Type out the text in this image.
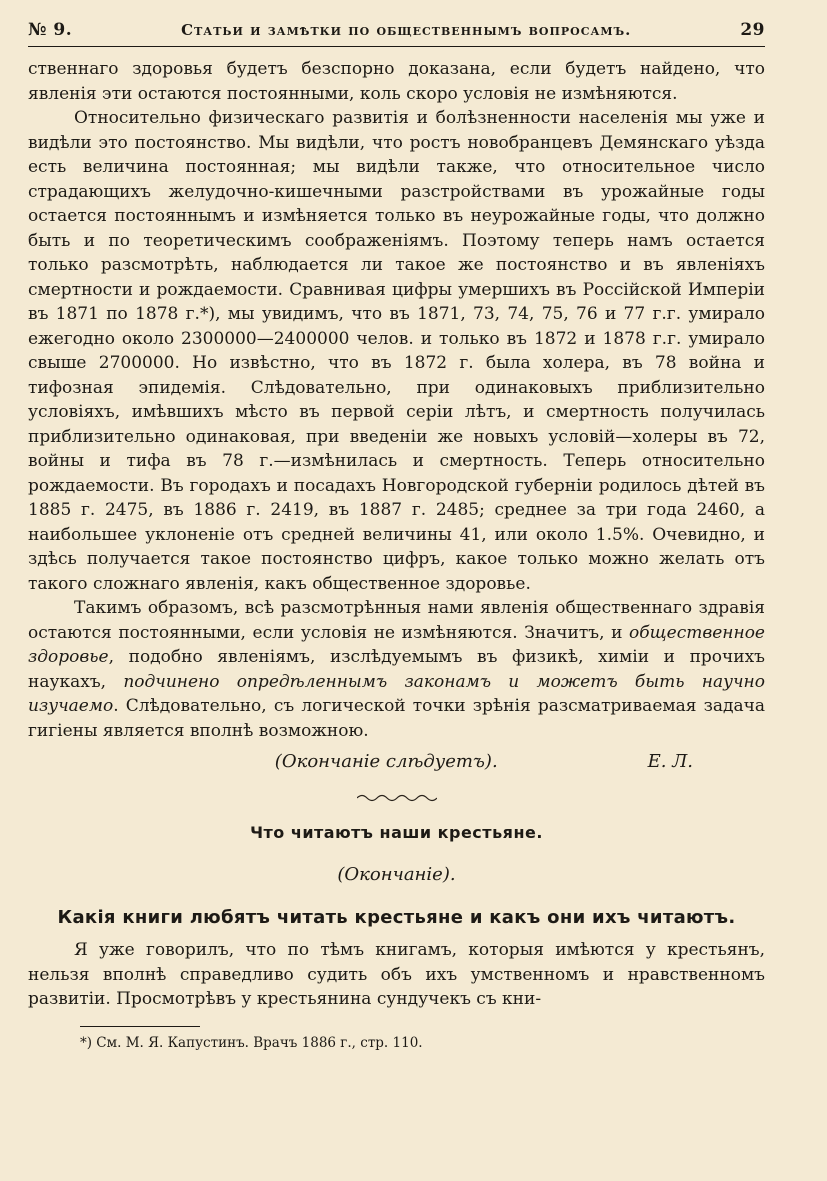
№ 9.	Статьи и замѣтки по общественнымъ вопросамъ.	29

ственнаго здоровья будетъ безспорно доказана, если будетъ найдено, что явленія эти остаются постоянными, коль скоро условія не измѣняются.

Относительно физическаго развитія и болѣзненности населенія мы уже и видѣли это постоянство. Мы видѣли, что ростъ новобранцевъ Демянскаго уѣзда есть величина постоянная; мы видѣли также, что относительное число страдающихъ желудочно-кишечными разстройствами въ урожайные годы остается постояннымъ и измѣняется только въ неурожайные годы, что должно быть и по теоретическимъ соображеніямъ. Поэтому теперь намъ остается только разсмотрѣть, наблюдается ли такое же постоянство и въ явленіяхъ смертности и рождаемости. Сравнивая цифры умершихъ въ Россійской Имперіи въ 1871 по 1878 г.*), мы увидимъ, что въ 1871, 73, 74, 75, 76 и 77 г.г. умирало ежегодно около 2300000—2400000 челов. и только въ 1872 и 1878 г.г. умирало свыше 2700000. Но извѣстно, что въ 1872 г. была холера, въ 78 война и тифозная эпидемія. Слѣдовательно, при одинаковыхъ приблизительно условіяхъ, имѣвшихъ мѣсто въ первой серіи лѣтъ, и смертность получилась приблизительно одинаковая, при введеніи же новыхъ условій—холеры въ 72, войны и тифа въ 78 г.—измѣнилась и смертность. Теперь относительно рождаемости. Въ городахъ и посадахъ Новгородской губерніи родилось дѣтей въ 1885 г. 2475, въ 1886 г. 2419, въ 1887 г. 2485; среднее за три года 2460, а наибольшее уклоненіе отъ средней величины 41, или около 1.5%. Очевидно, и здѣсь получается такое постоянство цифръ, какое только можно желать отъ такого сложнаго явленія, какъ общественное здоровье.

Такимъ образомъ, всѣ разсмотрѣнныя нами явленія общественнаго здравія остаются постоянными, если условія не измѣняются. Значитъ, и общественное здоровье, подобно явленіямъ, изслѣдуемымъ въ физикѣ, химіи и прочихъ наукахъ, подчинено опредѣленнымъ законамъ и можетъ быть научно изучаемо. Слѣдовательно, съ логической точки зрѣнія разсматриваемая задача гигіены является вполнѣ возможною.

(Окончаніе слѣдуетъ).	Е. Л.
Что читаютъ наши крестьяне.
(Окончаніе).
Какія книги любятъ читать крестьяне и какъ они ихъ читаютъ.

Я уже говорилъ, что по тѣмъ книгамъ, которыя имѣются у крестьянъ, нельзя вполнѣ справедливо судить объ ихъ умственномъ и нравственномъ развитіи. Просмотрѣвъ у крестьянина сундучекъ съ кни-

*) См. М. Я. Капустинъ. Врачъ 1886 г., стр. 110.
